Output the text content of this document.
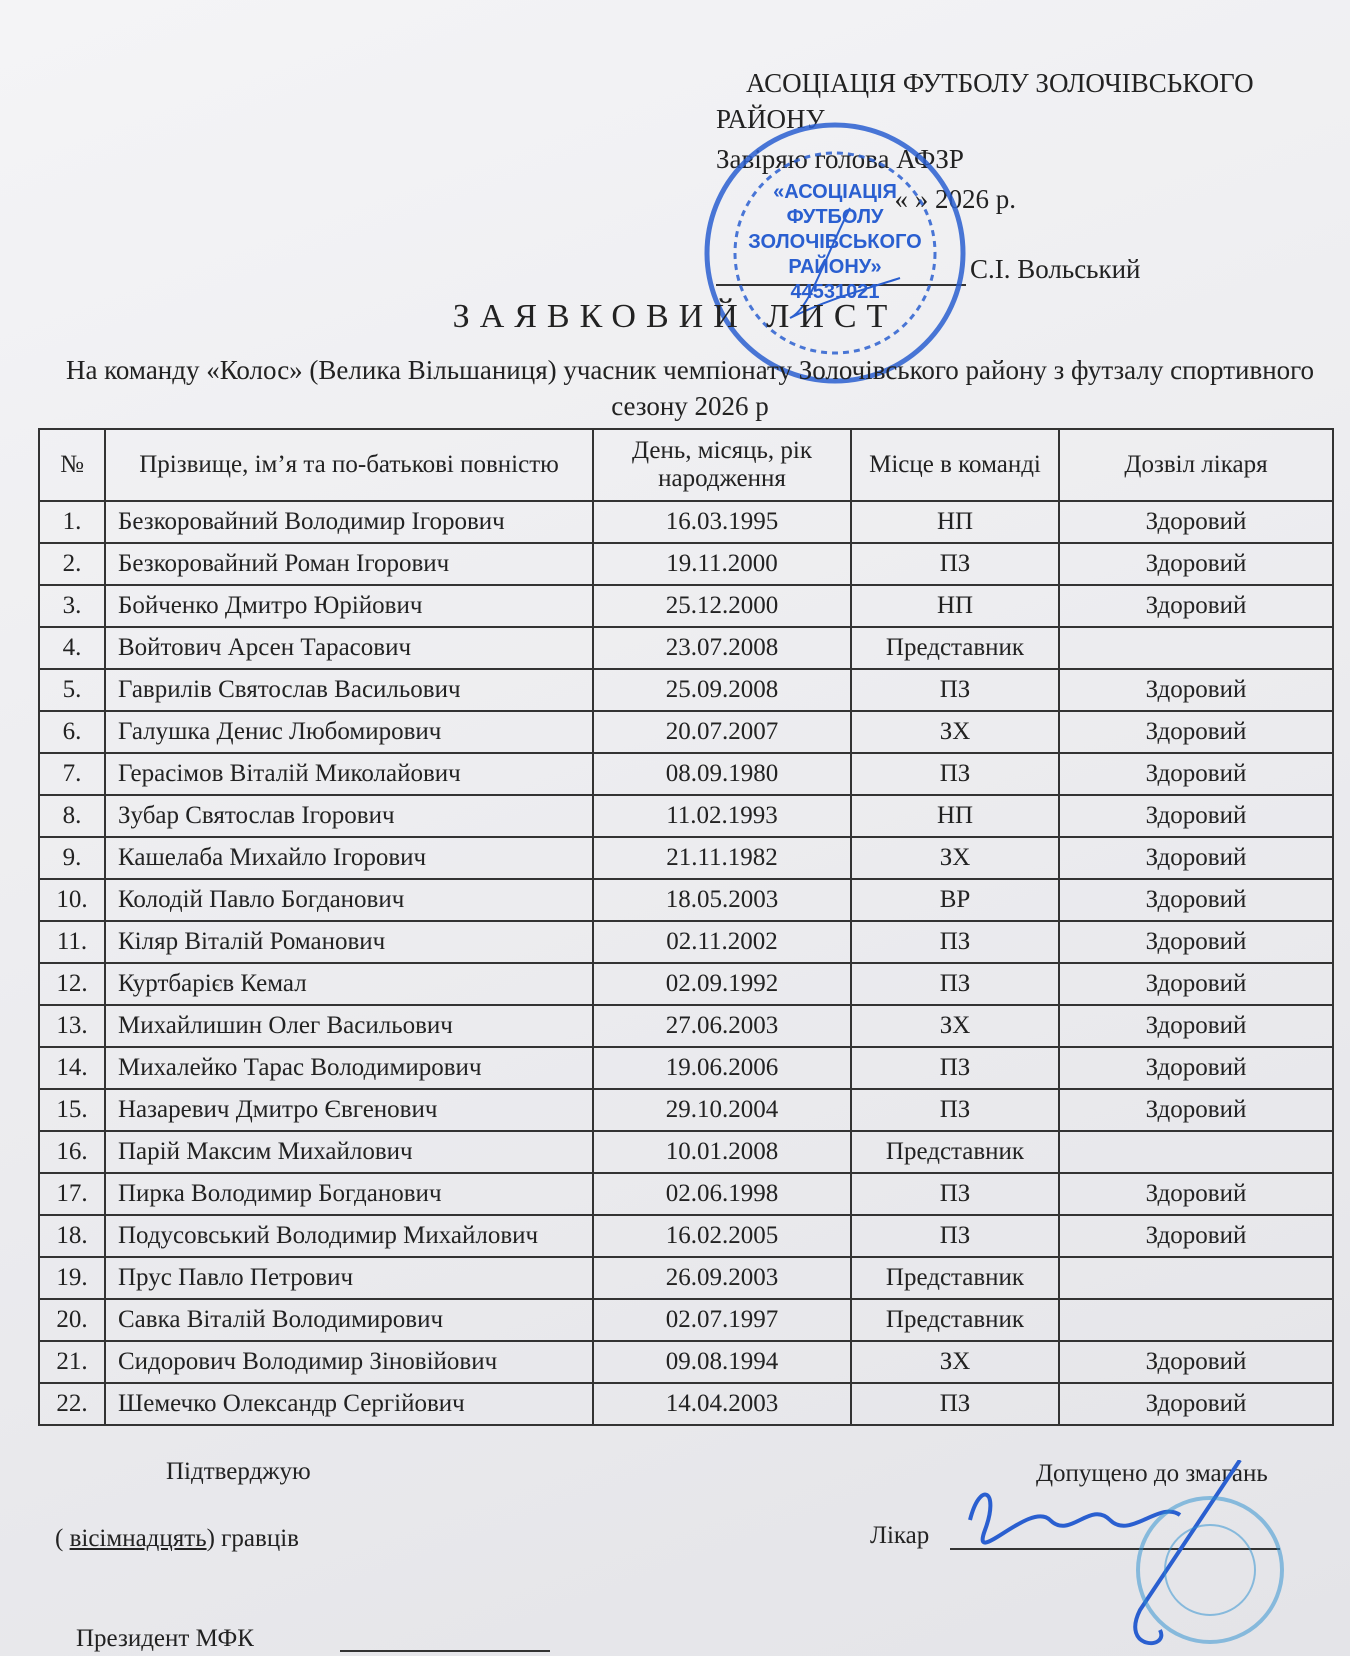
АСОЦІАЦІЯ ФУТБОЛУ ЗОЛОЧІВСЬКОГО
РАЙОНУ
Завіряю голова АФЗР
« » 2026 р.
С.І. Вольський
«АСОЦІАЦІЯ
ФУТБОЛУ
ЗОЛОЧІВСЬКОГО
РАЙОНУ»
44531021
ЗАЯВКОВИЙ ЛИСТ
На команду «Колос» (Велика Вільшаниця) учасник чемпіонату Золочівського району з футзалу спортивного сезону 2026 р
№	Прізвище, ім’я та по-батькові повністю	День, місяць, рік народження	Місце в команді	Дозвіл лікаря
1.	Безкоровайний Володимир Ігорович	16.03.1995	НП	Здоровий
2.	Безкоровайний Роман Ігорович	19.11.2000	ПЗ	Здоровий
3.	Бойченко Дмитро Юрійович	25.12.2000	НП	Здоровий
4.	Войтович Арсен Тарасович	23.07.2008	Представник	
5.	Гаврилів Святослав Васильович	25.09.2008	ПЗ	Здоровий
6.	Галушка Денис Любомирович	20.07.2007	ЗХ	Здоровий
7.	Герасімов Віталій Миколайович	08.09.1980	ПЗ	Здоровий
8.	Зубар Святослав Ігорович	11.02.1993	НП	Здоровий
9.	Кашелаба Михайло Ігорович	21.11.1982	ЗХ	Здоровий
10.	Колодій Павло Богданович	18.05.2003	ВР	Здоровий
11.	Кіляр Віталій Романович	02.11.2002	ПЗ	Здоровий
12.	Куртбарієв Кемал	02.09.1992	ПЗ	Здоровий
13.	Михайлишин Олег Васильович	27.06.2003	ЗХ	Здоровий
14.	Михалейко Тарас Володимирович	19.06.2006	ПЗ	Здоровий
15.	Назаревич Дмитро Євгенович	29.10.2004	ПЗ	Здоровий
16.	Парій Максим Михайлович	10.01.2008	Представник	
17.	Пирка Володимир Богданович	02.06.1998	ПЗ	Здоровий
18.	Подусовський Володимир Михайлович	16.02.2005	ПЗ	Здоровий
19.	Прус Павло Петрович	26.09.2003	Представник	
20.	Савка Віталій Володимирович	02.07.1997	Представник	
21.	Сидорович Володимир Зіновійович	09.08.1994	ЗХ	Здоровий
22.	Шемечко Олександр Сергійович	14.04.2003	ПЗ	Здоровий
Підтверджую
( вісімнадцять) гравців
Допущено до змагань
Лікар
Президент МФК
